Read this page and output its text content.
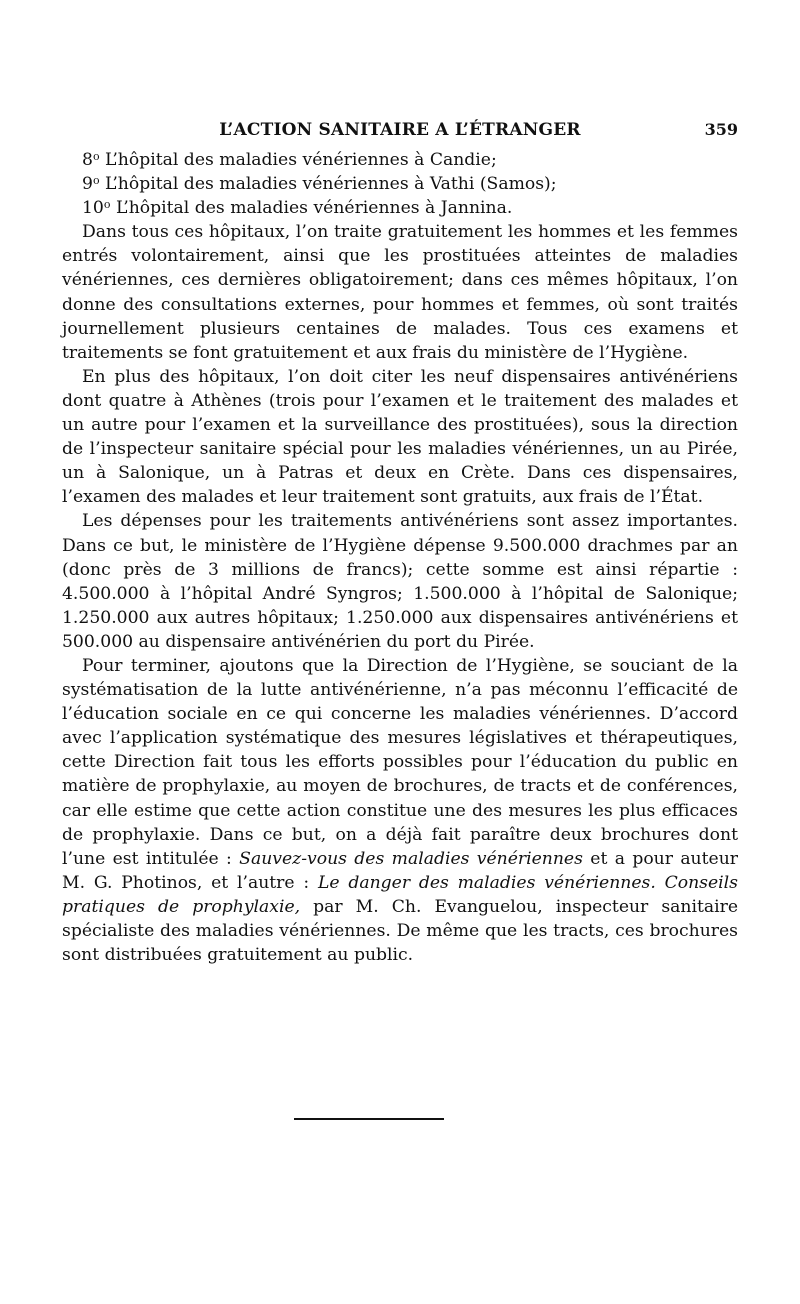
L’ACTION SANITAIRE A L’ÉTRANGER	359

8$^o$ L’hôpital des maladies vénériennes à Candie;

9$^o$ L’hôpital des maladies vénériennes à Vathi (Samos);

10$^o$ L’hôpital des maladies vénériennes à Jannina.

Dans tous ces hôpitaux, l’on traite gratuitement les hommes et les femmes entrés volontairement, ainsi que les prostituées atteintes de maladies vénériennes, ces dernières obligatoirement; dans ces mêmes hôpitaux, l’on donne des consultations externes, pour hommes et femmes, où sont traités journellement plusieurs centaines de malades. Tous ces examens et traitements se font gratuitement et aux frais du ministère de l’Hygiène.

En plus des hôpitaux, l’on doit citer les neuf dispensaires antivénériens dont quatre à Athènes (trois pour l’examen et le traitement des malades et un autre pour l’examen et la surveillance des prostituées), sous la direction de l’inspecteur sanitaire spécial pour les maladies vénériennes, un au Pirée, un à Salonique, un à Patras et deux en Crète. Dans ces dispensaires, l’examen des malades et leur traitement sont gratuits, aux frais de l’État.

Les dépenses pour les traitements antivénériens sont assez importantes. Dans ce but, le ministère de l’Hygiène dépense 9.500.000 drachmes par an (donc près de 3 millions de francs); cette somme est ainsi répartie : 4.500.000 à l’hôpital André Syngros; 1.500.000 à l’hôpital de Salonique; 1.250.000 aux autres hôpitaux; 1.250.000 aux dispensaires antivénériens et 500.000 au dispensaire antivénérien du port du Pirée.

Pour terminer, ajoutons que la Direction de l’Hygiène, se souciant de la systématisation de la lutte antivénérienne, n’a pas méconnu l’efficacité de l’éducation sociale en ce qui concerne les maladies vénériennes. D’accord avec l’application systématique des mesures législatives et thérapeutiques, cette Direction fait tous les efforts possibles pour l’éducation du public en matière de prophylaxie, au moyen de brochures, de tracts et de conférences, car elle estime que cette action constitue une des mesures les plus efficaces de prophylaxie. Dans ce but, on a déjà fait paraître deux brochures dont l’une est intitulée : Sauvez-vous des maladies vénériennes et a pour auteur M. G. Photinos, et l’autre : Le danger des maladies vénériennes. Conseils pratiques de prophylaxie, par M. Ch. Evanguelou, inspecteur sanitaire spécialiste des maladies vénériennes. De même que les tracts, ces brochures sont distribuées gratuitement au public.
